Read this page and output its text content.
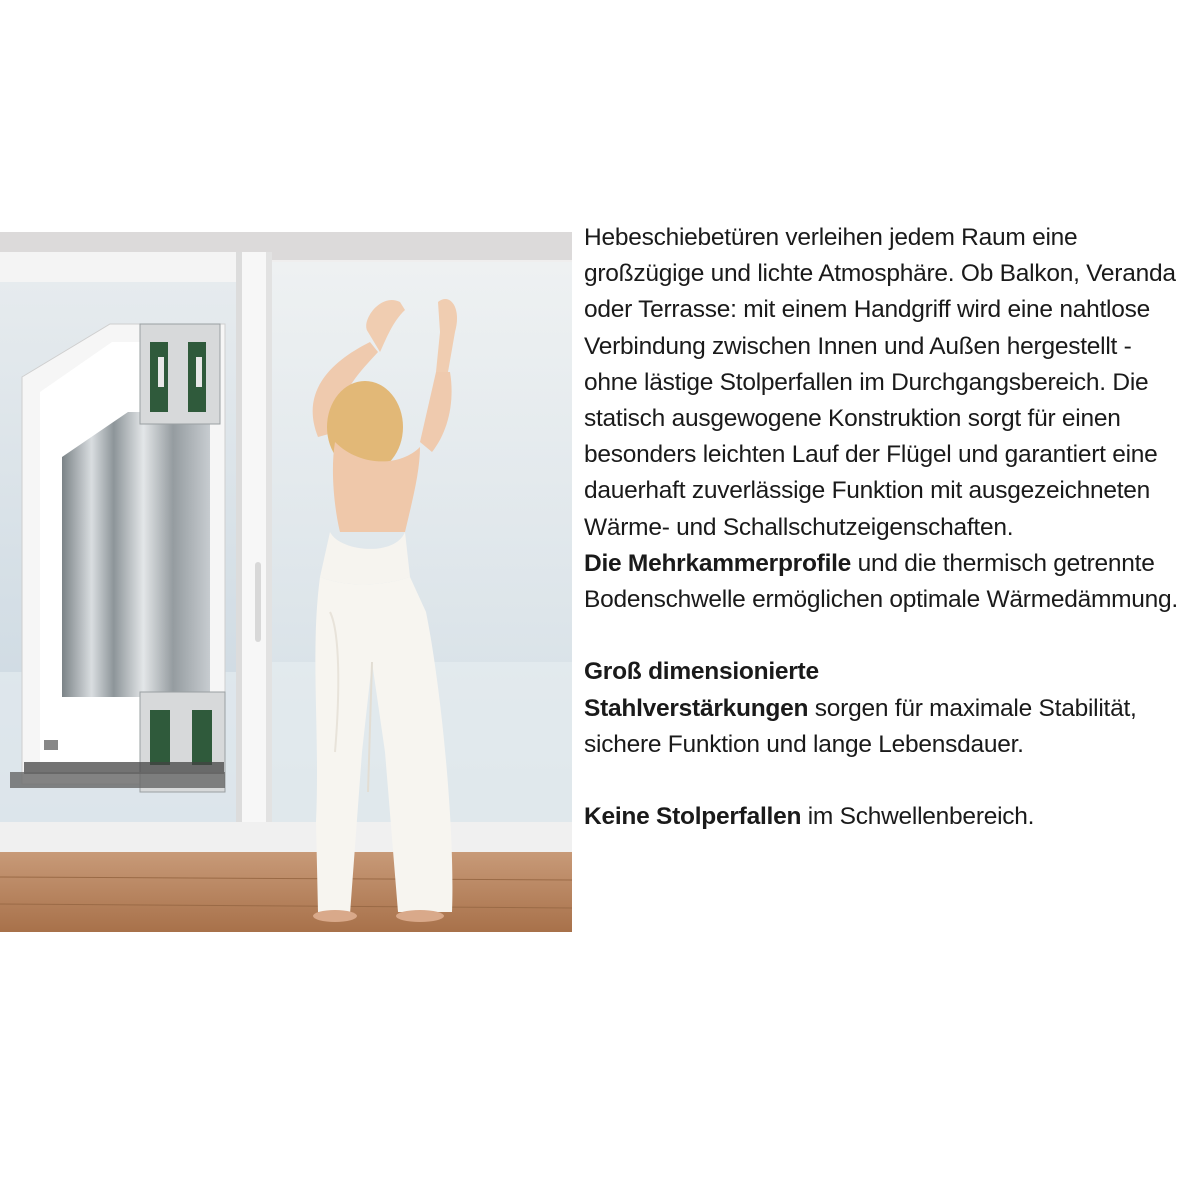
Hebeschiebetüren verleihen jedem Raum eine großzügige und lichte Atmosphäre. Ob Balkon, Veranda oder Terrasse: mit einem Handgriff wird eine nahtlose Verbindung zwischen Innen und Außen hergestellt - ohne lästige Stolperfallen im Durchgangsbereich. Die statisch ausgewogene Konstruktion sorgt für einen besonders leichten Lauf der Flügel und garantiert eine dauerhaft zuverlässige Funktion mit ausgezeichneten Wärme- und Schallschutzeigenschaften.

Die Mehrkammerprofile und die thermisch getrennte Bodenschwelle ermöglichen optimale Wärmedämmung.

Groß dimensionierte

Stahlverstärkungen sorgen für maximale Stabilität, sichere Funktion und lange Lebensdauer.

Keine Stolperfallen im Schwellenbereich.
